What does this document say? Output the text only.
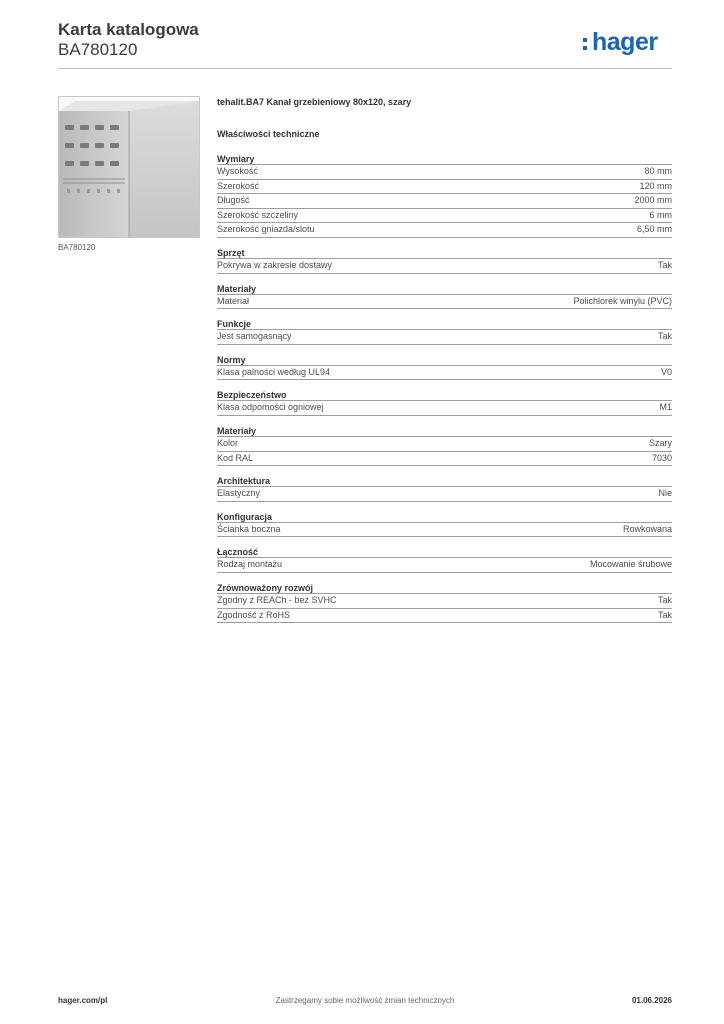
Karta katalogowa
BA780120	hager
BA780120
tehalit.BA7 Kanał grzebieniowy 80x120, szary
Właściwości techniczne
Wymiary
Wysokość	80 mm
Szerokość	120 mm
Długość	2000 mm
Szerokość szczeliny	6 mm
Szerokość gniazda/slotu	6,50 mm
Sprzęt
Pokrywa w zakresie dostawy	Tak
Materiały
Materiał	Polichlorek winylu (PVC)
Funkcje
Jest samogasnący	Tak
Normy
Klasa palności według UL94	V0
Bezpieczeństwo
Klasa odpomości ogniowej	M1
Materiały
Kolor	Szary
Kod RAL	7030
Architektura
Elastyczny	Nie
Konfiguracja
Ścianka boczna	Rowkowana
Łączność
Rodzaj montażu	Mocowanie śrubowe
Zrównoważony rozwój
Zgodny z REACh - bez SVHC	Tak
Zgodność z RoHS	Tak
Zastrzegamy sobie możliwość zmian technicznych
hager.com/pl	01.06.2026
